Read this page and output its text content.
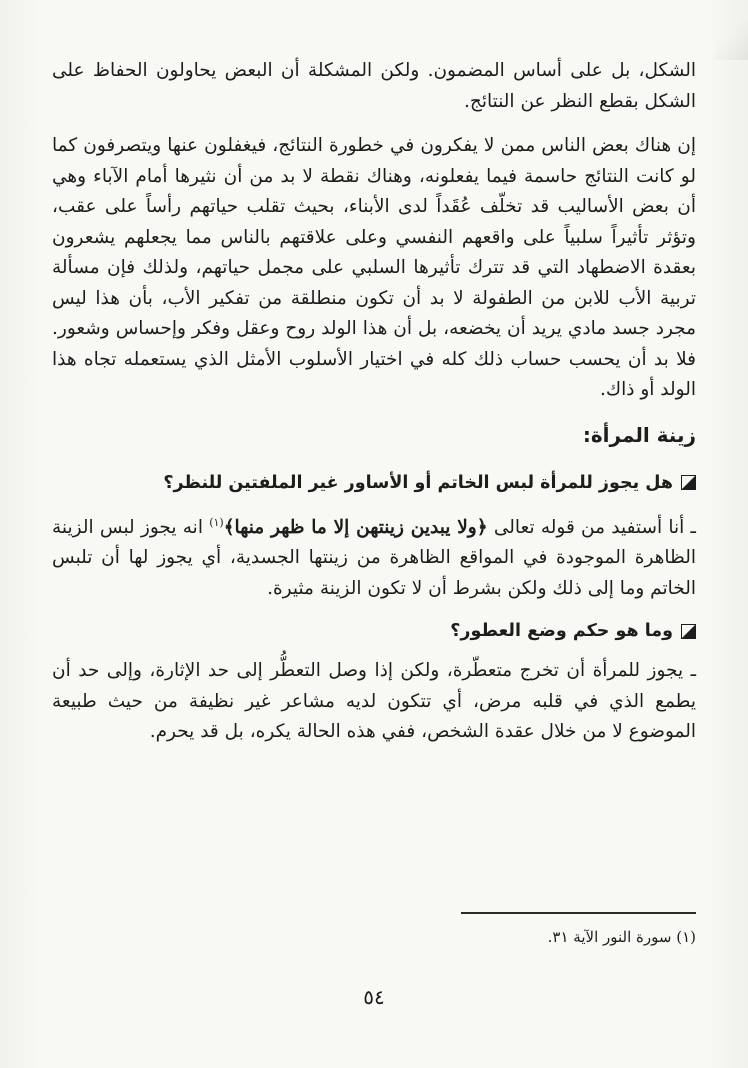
الشكل، بل على أساس المضمون. ولكن المشكلة أن البعض يحاولون الحفاظ على الشكل بقطع النظر عن النتائج.

إن هناك بعض الناس ممن لا يفكرون في خطورة النتائج، فيغفلون عنها ويتصرفون كما لو كانت النتائج حاسمة فيما يفعلونه، وهناك نقطة لا بد من أن نثيرها أمام الآباء وهي أن بعض الأساليب قد تخلّف عُقَداً لدى الأبناء، بحيث تقلب حياتهم رأساً على عقب، وتؤثر تأثيراً سلبياً على واقعهم النفسي وعلى علاقتهم بالناس مما يجعلهم يشعرون بعقدة الاضطهاد التي قد تترك تأثيرها السلبي على مجمل حياتهم، ولذلك فإن مسألة تربية الأب للابن من الطفولة لا بد أن تكون منطلقة من تفكير الأب، بأن هذا ليس مجرد جسد مادي يريد أن يخضعه، بل أن هذا الولد روح وعقل وفكر وإحساس وشعور. فلا بد أن يحسب حساب ذلك كله في اختيار الأسلوب الأمثل الذي يستعمله تجاه هذا الولد أو ذاك.

زينة المرأة:
هل يجوز للمرأة لبس الخاتم أو الأساور غير الملفتين للنظر؟

ـ أنا أستفيد من قوله تعالى ﴿ولا يبدين زينتهن إلا ما ظهر منها﴾$^{(١)}$ انه يجوز لبس الزينة الظاهرة الموجودة في المواقع الظاهرة من زينتها الجسدية، أي يجوز لها أن تلبس الخاتم وما إلى ذلك ولكن بشرط أن لا تكون الزينة مثيرة.

وما هو حكم وضع العطور؟

ـ يجوز للمرأة أن تخرج متعطّرة، ولكن إذا وصل التعطُّر إلى حد الإثارة، وإلى حد أن يطمع الذي في قلبه مرض، أي تتكون لديه مشاعر غير نظيفة من حيث طبيعة الموضوع لا من خلال عقدة الشخص، ففي هذه الحالة يكره، بل قد يحرم.

(١) سورة النور الآية ٣١.
٥٤
